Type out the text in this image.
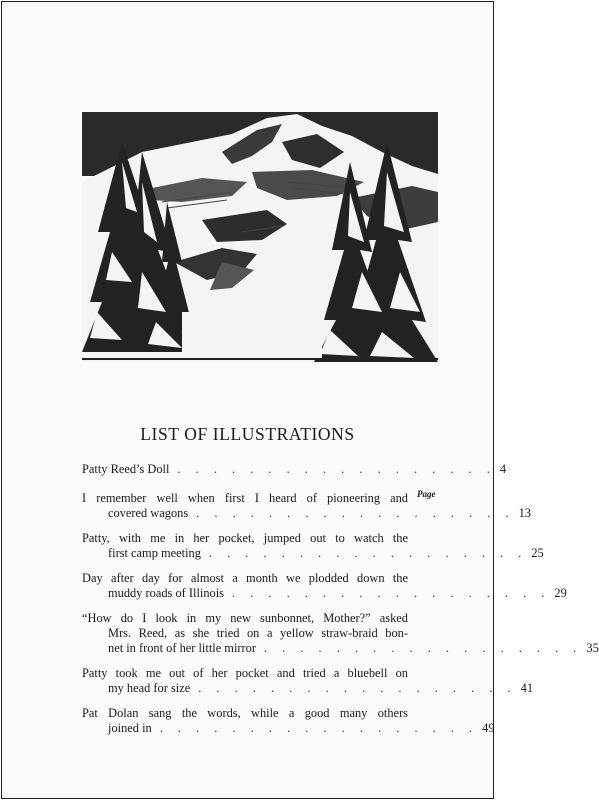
LIST OF ILLUSTRATIONS
Page
Patty Reed’s Doll . . . . . . . . . . . . . . . . . . 4
I remember well when first I heard of pioneering and
covered wagons . . . . . . . . . . . . . . . . . . 13
Patty, with me in her pocket, jumped out to watch the
first camp meeting . . . . . . . . . . . . . . . . . . 25
Day after day for almost a month we plodded down the
muddy roads of Illinois . . . . . . . . . . . . . . . . . . 29
“How do I look in my new sunbonnet, Mother?” asked
Mrs. Reed, as she tried on a yellow straw-braid bon-
net in front of her little mirror . . . . . . . . . . . . . . . . . . 35
Patty took me out of her pocket and tried a bluebell on
my head for size . . . . . . . . . . . . . . . . . . 41
Pat Dolan sang the words, while a good many others
joined in . . . . . . . . . . . . . . . . . . 49
